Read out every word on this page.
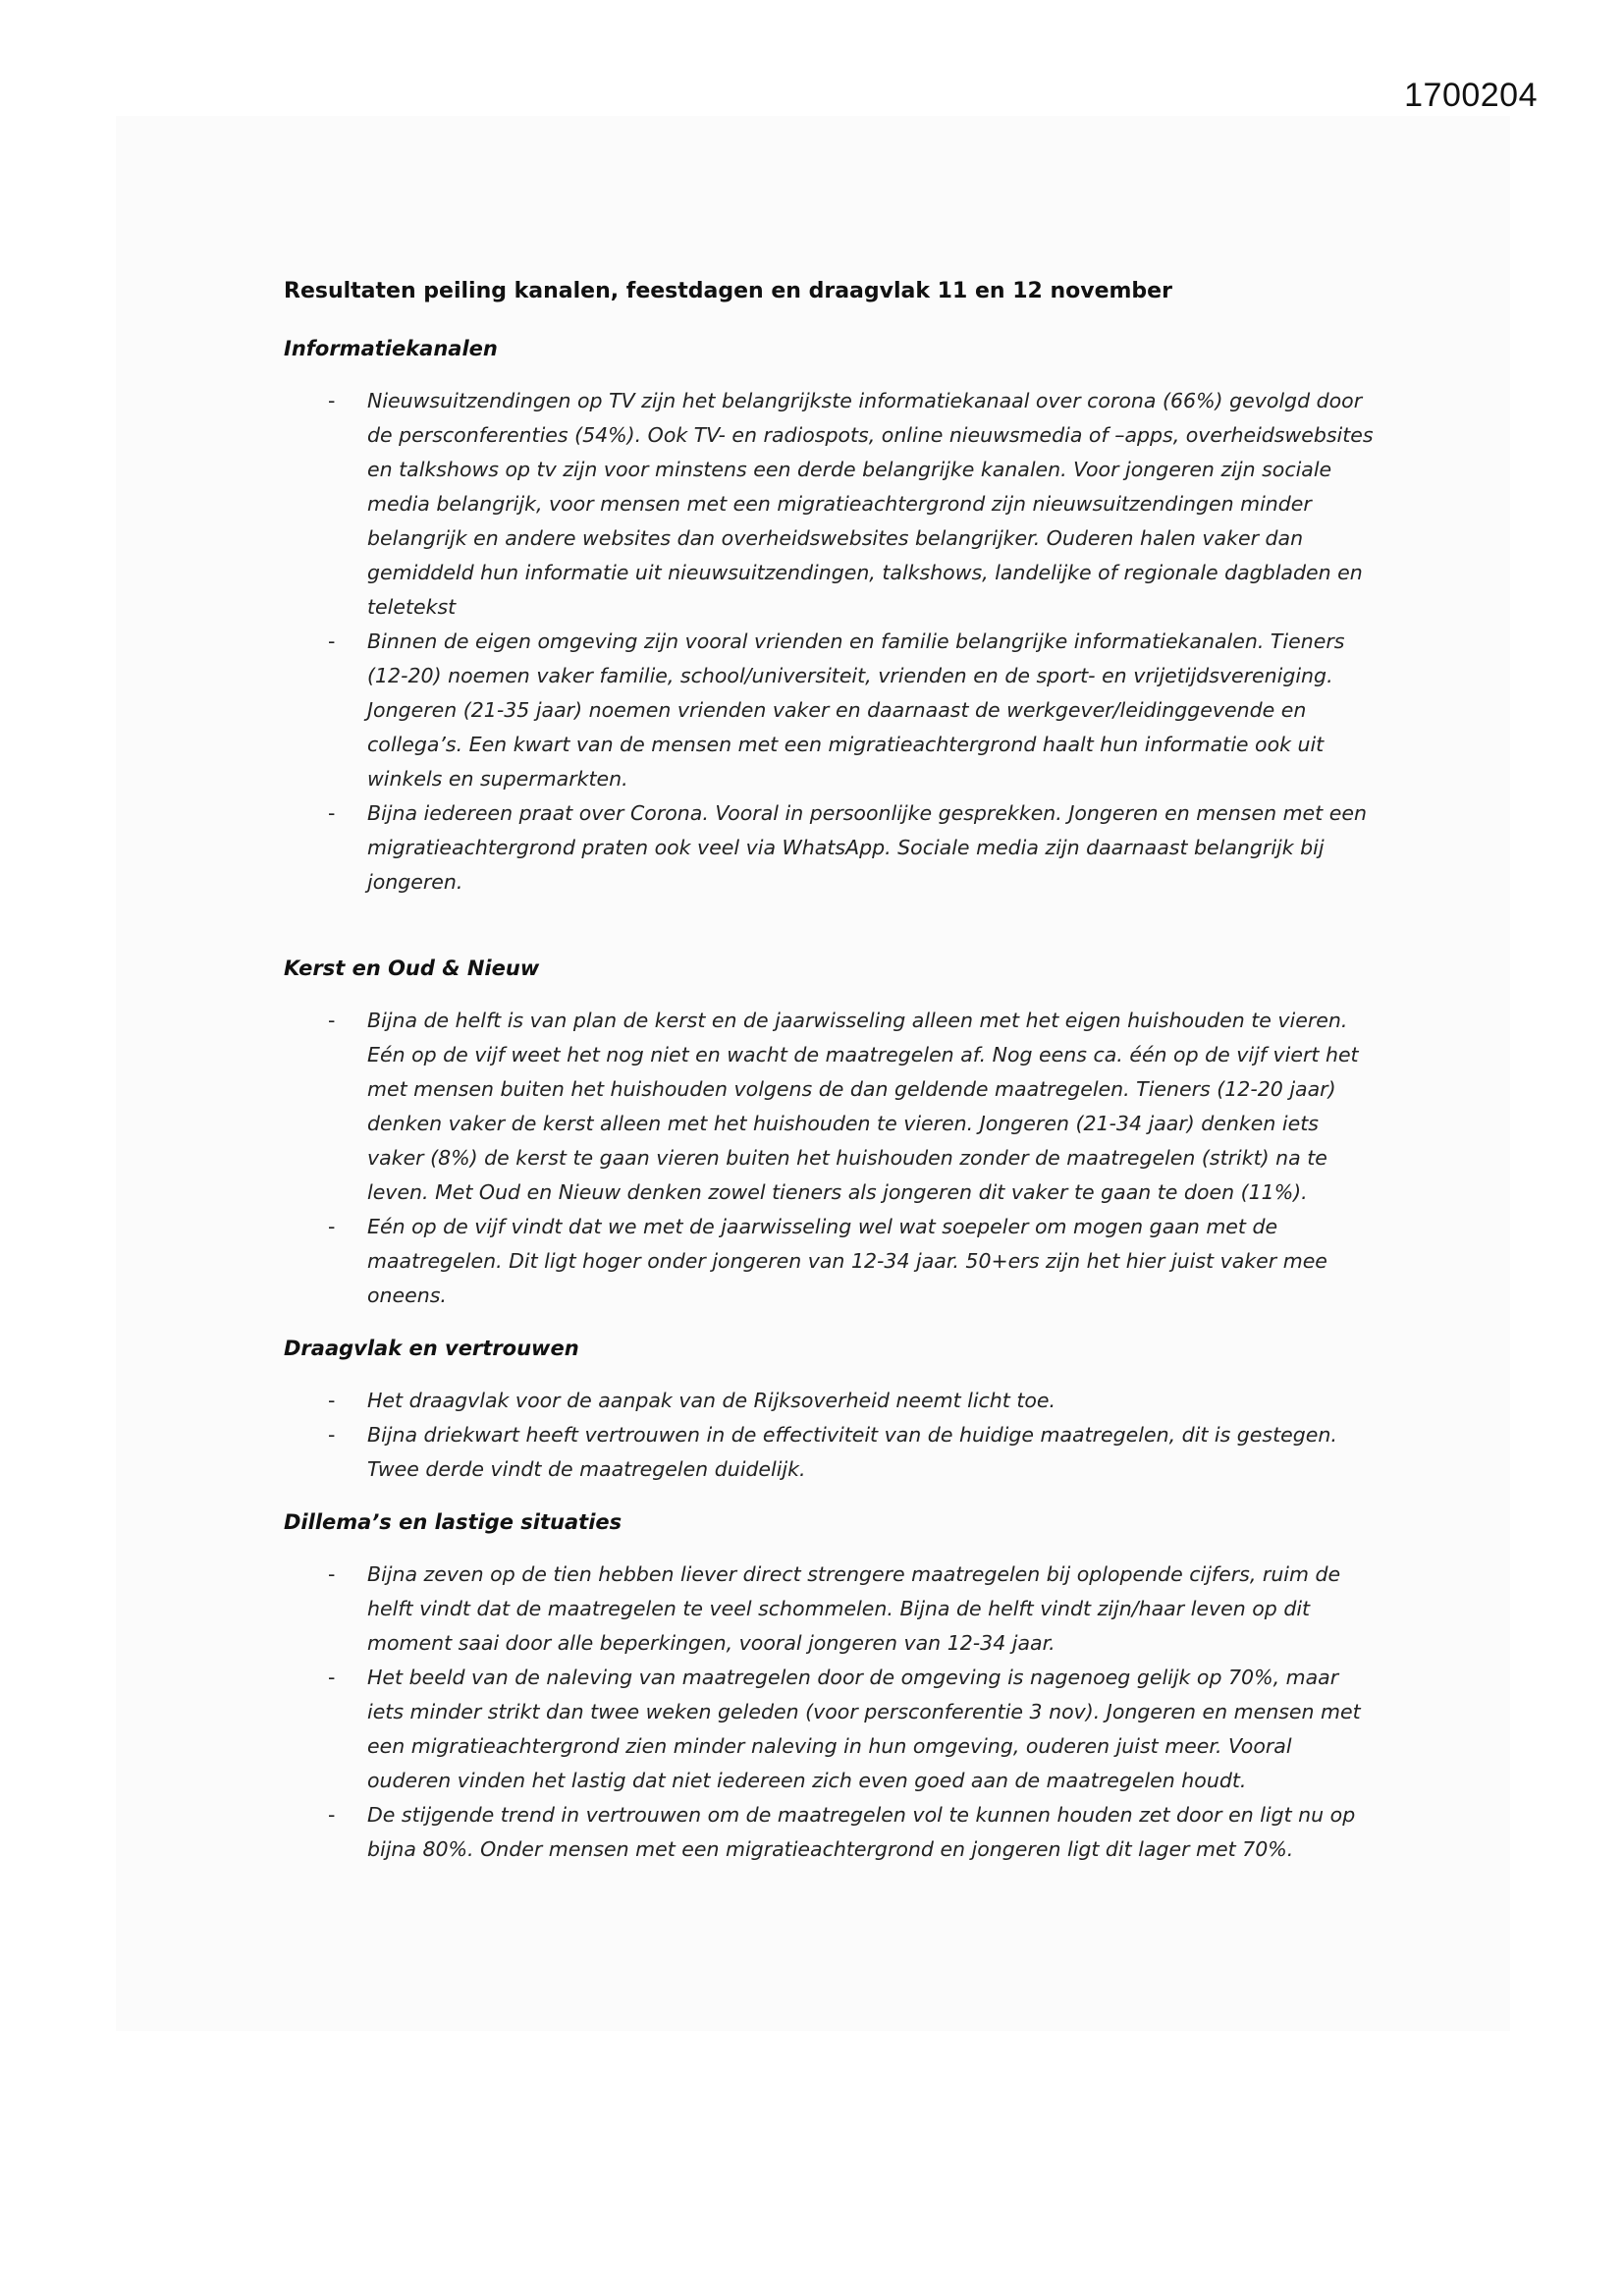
1700204
Resultaten peiling kanalen, feestdagen en draagvlak 11 en 12 november
Informatiekanalen
- Nieuwsuitzendingen op TV zijn het belangrijkste informatiekanaal over corona (66%) gevolgd door de persconferenties (54%). Ook TV- en radiospots, online nieuwsmedia of –apps, overheidswebsites en talkshows op tv zijn voor minstens een derde belangrijke kanalen. Voor jongeren zijn sociale media belangrijk, voor mensen met een migratieachtergrond zijn nieuwsuitzendingen minder belangrijk en andere websites dan overheidswebsites belangrijker. Ouderen halen vaker dan gemiddeld hun informatie uit nieuwsuitzendingen, talkshows, landelijke of regionale dagbladen en teletekst
- Binnen de eigen omgeving zijn vooral vrienden en familie belangrijke informatiekanalen. Tieners (12-20) noemen vaker familie, school/universiteit, vrienden en de sport- en vrijetijdsvereniging. Jongeren (21-35 jaar) noemen vrienden vaker en daarnaast de werkgever/leidinggevende en collega’s. Een kwart van de mensen met een migratieachtergrond haalt hun informatie ook uit winkels en supermarkten.
- Bijna iedereen praat over Corona. Vooral in persoonlijke gesprekken. Jongeren en mensen met een migratieachtergrond praten ook veel via WhatsApp. Sociale media zijn daarnaast belangrijk bij jongeren.
Kerst en Oud & Nieuw
- Bijna de helft is van plan de kerst en de jaarwisseling alleen met het eigen huishouden te vieren. Eén op de vijf weet het nog niet en wacht de maatregelen af. Nog eens ca. één op de vijf viert het met mensen buiten het huishouden volgens de dan geldende maatregelen. Tieners (12-20 jaar) denken vaker de kerst alleen met het huishouden te vieren. Jongeren (21-34 jaar) denken iets vaker (8%) de kerst te gaan vieren buiten het huishouden zonder de maatregelen (strikt) na te leven. Met Oud en Nieuw denken zowel tieners als jongeren dit vaker te gaan te doen (11%).
- Eén op de vijf vindt dat we met de jaarwisseling wel wat soepeler om mogen gaan met de maatregelen. Dit ligt hoger onder jongeren van 12-34 jaar. 50+ers zijn het hier juist vaker mee oneens.
Draagvlak en vertrouwen
- Het draagvlak voor de aanpak van de Rijksoverheid neemt licht toe.
- Bijna driekwart heeft vertrouwen in de effectiviteit van de huidige maatregelen, dit is gestegen. Twee derde vindt de maatregelen duidelijk.
Dillema’s en lastige situaties
- Bijna zeven op de tien hebben liever direct strengere maatregelen bij oplopende cijfers, ruim de helft vindt dat de maatregelen te veel schommelen. Bijna de helft vindt zijn/haar leven op dit moment saai door alle beperkingen, vooral jongeren van 12-34 jaar.
- Het beeld van de naleving van maatregelen door de omgeving is nagenoeg gelijk op 70%, maar iets minder strikt dan twee weken geleden (voor persconferentie 3 nov). Jongeren en mensen met een migratieachtergrond zien minder naleving in hun omgeving, ouderen juist meer. Vooral ouderen vinden het lastig dat niet iedereen zich even goed aan de maatregelen houdt.
- De stijgende trend in vertrouwen om de maatregelen vol te kunnen houden zet door en ligt nu op bijna 80%. Onder mensen met een migratieachtergrond en jongeren ligt dit lager met 70%.
